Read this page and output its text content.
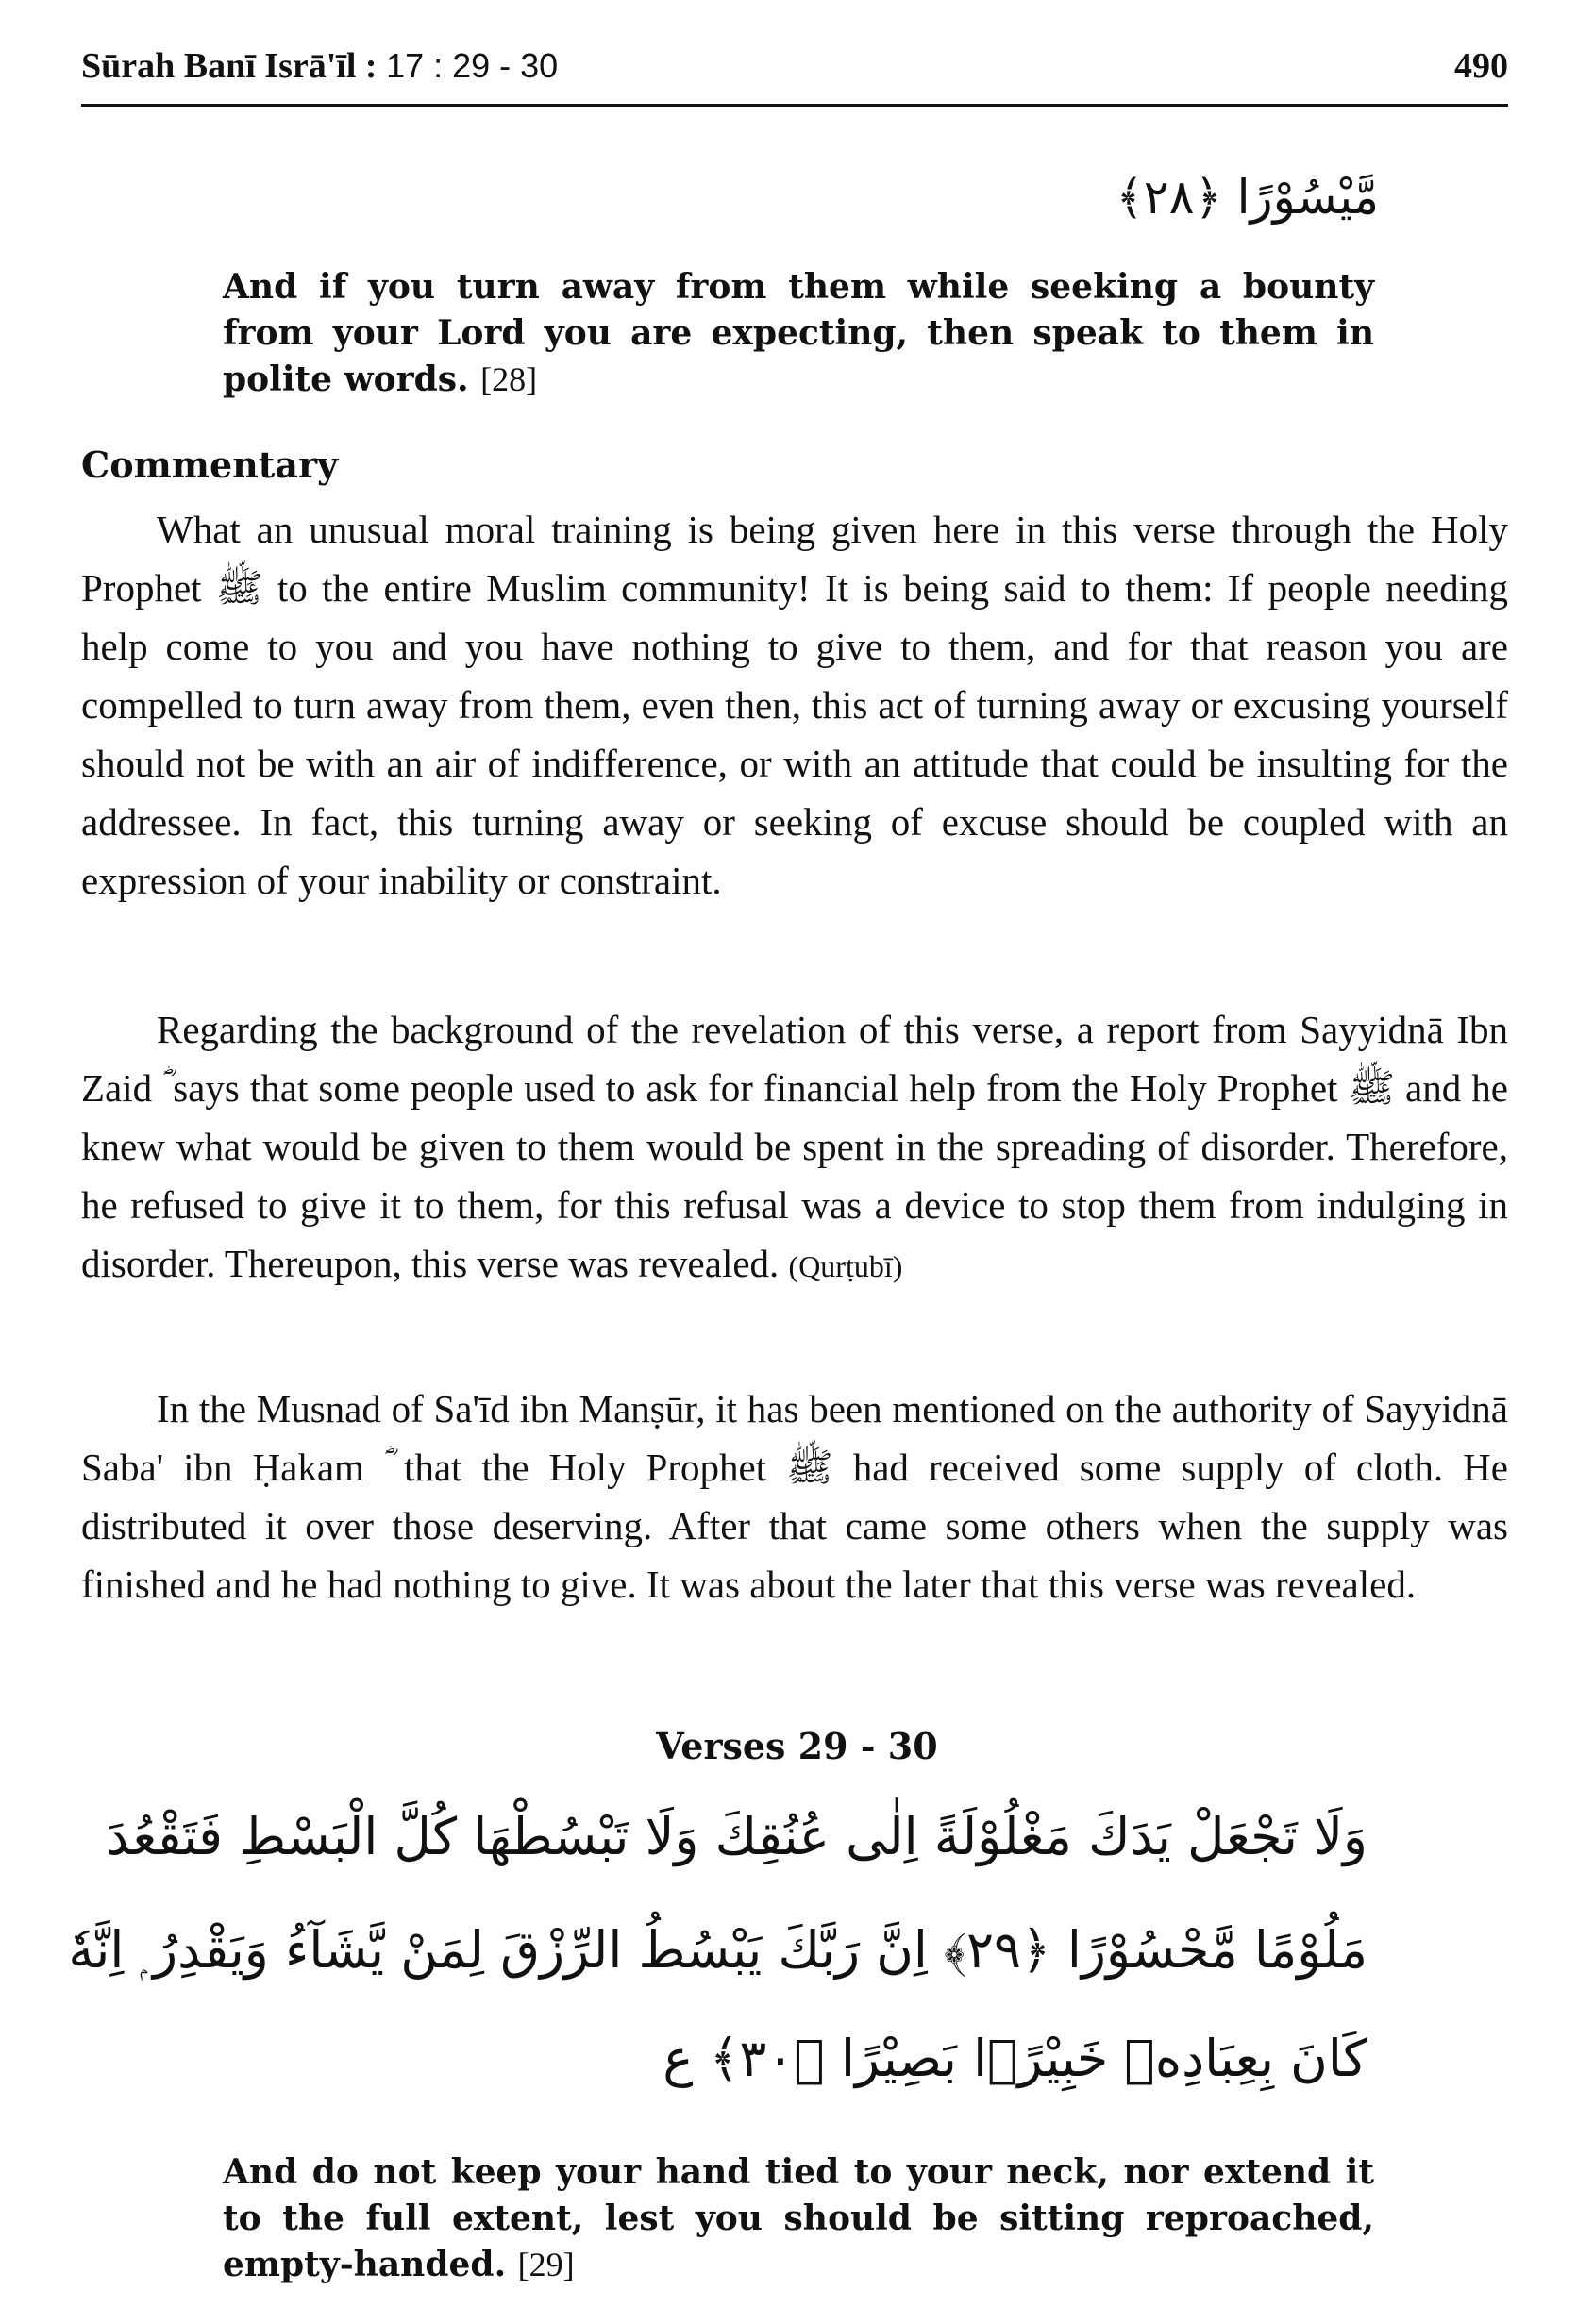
Sūrah Banī Isrā'īl : 17 : 29 - 30	490
مَّيْسُوْرًا ﴿٢٨﴾
And if you turn away from them while seeking a bounty from your Lord you are expecting, then speak to them in polite words. [28]
Commentary
What an unusual moral training is being given here in this verse through the Holy Prophet ﷺ to the entire Muslim community! It is being said to them: If people needing help come to you and you have nothing to give to them, and for that reason you are compelled to turn away from them, even then, this act of turning away or excusing yourself should not be with an air of indifference, or with an attitude that could be insulting for the addressee. In fact, this turning away or seeking of excuse should be coupled with an expression of your inability or constraint.
Regarding the background of the revelation of this verse, a report from Sayyidnā Ibn Zaid ؓ says that some people used to ask for financial help from the Holy Prophet ﷺ and he knew what would be given to them would be spent in the spreading of disorder. Therefore, he refused to give it to them, for this refusal was a device to stop them from indulging in disorder. Thereupon, this verse was revealed. (Qurṭubī)
In the Musnad of Sa'īd ibn Manṣūr, it has been mentioned on the authority of Sayyidnā Saba' ibn Ḥakam ؓ that the Holy Prophet ﷺ had received some supply of cloth. He distributed it over those deserving. After that came some others when the supply was finished and he had nothing to give. It was about the later that this verse was revealed.
Verses 29 - 30
وَلَا تَجْعَلْ يَدَكَ مَغْلُوْلَةً اِلٰى عُنُقِكَ وَلَا تَبْسُطْهَا كُلَّ الْبَسْطِ فَتَقْعُدَ
مَلُوْمًا مَّحْسُوْرًا ﴿٢٩﴾ اِنَّ رَبَّكَ يَبْسُطُ الرِّزْقَ لِمَنْ يَّشَآءُ وَيَقْدِرُ ۭ اِنَّهٗ
كَانَ بِعِبَادِهٖ خَبِيْرًۢا بَصِيْرًا ﴿٣٠﴾ ع
And do not keep your hand tied to your neck, nor extend it to the full extent, lest you should be sitting reproached, empty-handed. [29]
